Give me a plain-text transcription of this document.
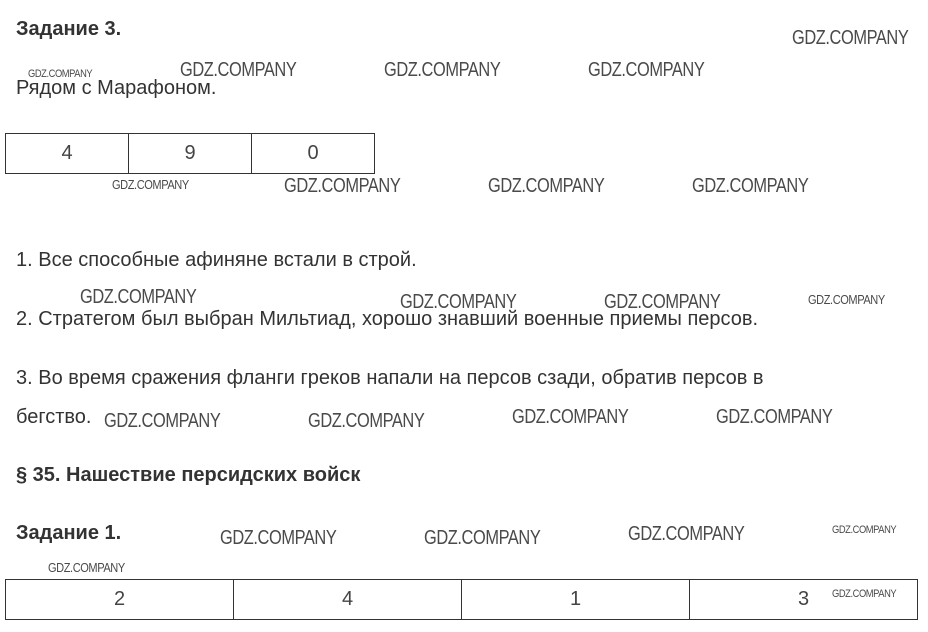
Задание 3.
Рядом с Марафоном.
4	9	0
1. Все способные афиняне встали в строй.
2. Стратегом был выбран Мильтиад, хорошо знавший военные приемы персов.
3. Во время сражения фланги греков напали на персов сзади, обратив персов в
бегство.
§ 35. Нашествие персидских войск
Задание 1.
2	4	1	3
GDZ.COMPANY
GDZ.COMPANY	GDZ.COMPANY	GDZ.COMPANY	GDZ.COMPANY
GDZ.COMPANY	GDZ.COMPANY	GDZ.COMPANY	GDZ.COMPANY
GDZ.COMPANY	GDZ.COMPANY	GDZ.COMPANY	GDZ.COMPANY
GDZ.COMPANY	GDZ.COMPANY	GDZ.COMPANY	GDZ.COMPANY
GDZ.COMPANY	GDZ.COMPANY	GDZ.COMPANY	GDZ.COMPANY
GDZ.COMPANY
GDZ.COMPANY
